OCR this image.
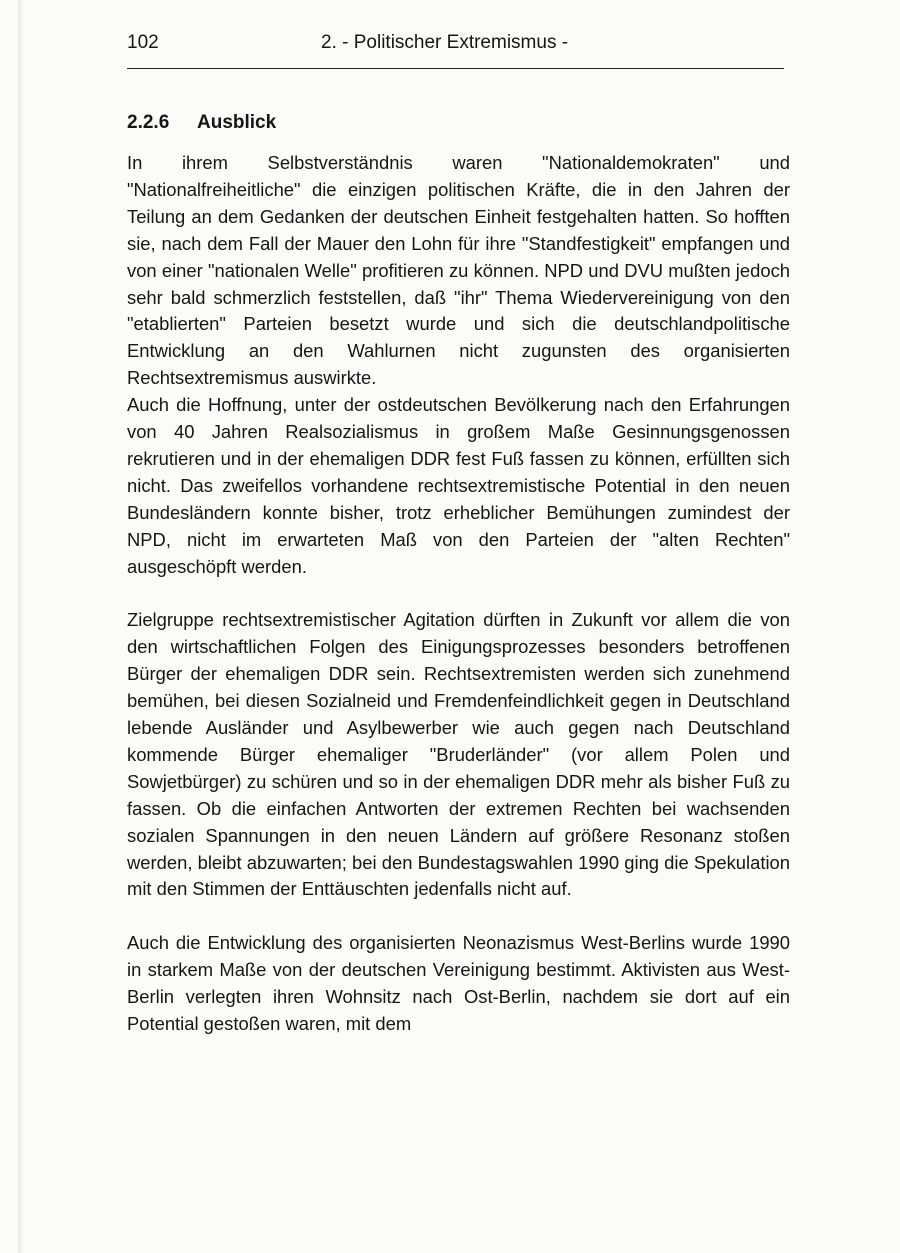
102	2. - Politischer Extremismus -
2.2.6 Ausblick

In ihrem Selbstverständnis waren "Nationaldemokraten" und "Nationalfreiheitliche" die einzigen politischen Kräfte, die in den Jahren der Teilung an dem Gedanken der deutschen Einheit festgehalten hatten. So hofften sie, nach dem Fall der Mauer den Lohn für ihre "Standfestigkeit" empfangen und von einer "nationalen Welle" profitieren zu können. NPD und DVU mußten jedoch sehr bald schmerzlich feststellen, daß "ihr" Thema Wiedervereinigung von den "etablierten" Parteien besetzt wurde und sich die deutschlandpolitische Entwicklung an den Wahlurnen nicht zugunsten des organisierten Rechtsextremismus auswirkte.

Auch die Hoffnung, unter der ostdeutschen Bevölkerung nach den Erfahrungen von 40 Jahren Realsozialismus in großem Maße Gesinnungsgenossen rekrutieren und in der ehemaligen DDR fest Fuß fassen zu können, erfüllten sich nicht. Das zweifellos vorhandene rechtsextremistische Potential in den neuen Bundesländern konnte bisher, trotz erheblicher Bemühungen zumindest der NPD, nicht im erwarteten Maß von den Parteien der "alten Rechten" ausgeschöpft werden.

Zielgruppe rechtsextremistischer Agitation dürften in Zukunft vor allem die von den wirtschaftlichen Folgen des Einigungsprozesses besonders betroffenen Bürger der ehemaligen DDR sein. Rechtsextremisten werden sich zunehmend bemühen, bei diesen Sozialneid und Fremdenfeindlichkeit gegen in Deutschland lebende Ausländer und Asylbewerber wie auch gegen nach Deutschland kommende Bürger ehemaliger "Bruderländer" (vor allem Polen und Sowjetbürger) zu schüren und so in der ehemaligen DDR mehr als bisher Fuß zu fassen. Ob die einfachen Antworten der extremen Rechten bei wachsenden sozialen Spannungen in den neuen Ländern auf größere Resonanz stoßen werden, bleibt abzuwarten; bei den Bundestagswahlen 1990 ging die Spekulation mit den Stimmen der Enttäuschten jedenfalls nicht auf.

Auch die Entwicklung des organisierten Neonazismus West-Berlins wurde 1990 in starkem Maße von der deutschen Vereinigung bestimmt. Aktivisten aus West-Berlin verlegten ihren Wohnsitz nach Ost-Berlin, nachdem sie dort auf ein Potential gestoßen waren, mit dem
